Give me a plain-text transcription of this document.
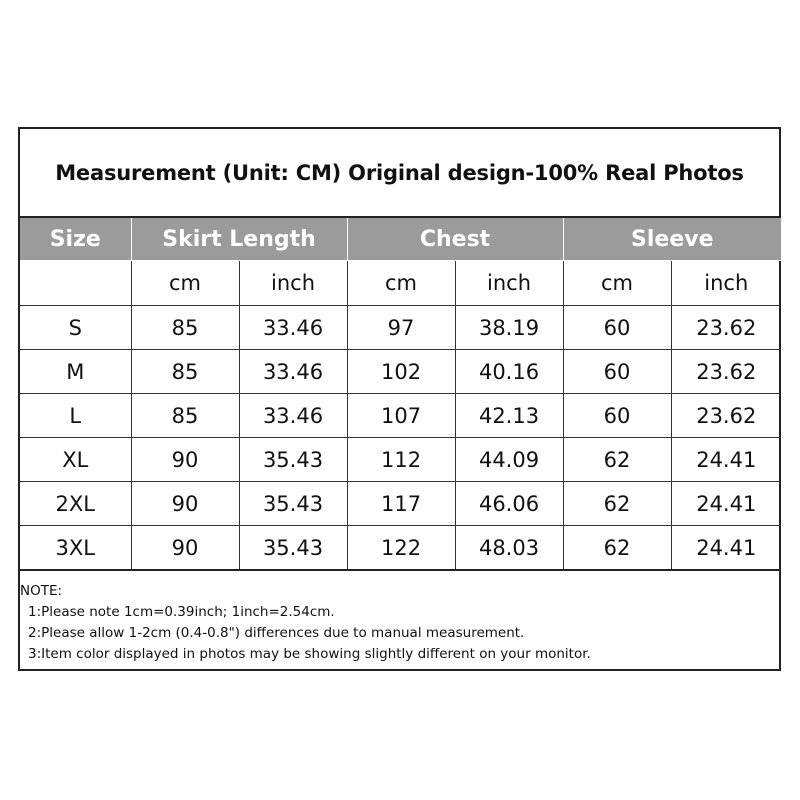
Measurement (Unit: CM) Original design-100% Real Photos
Size	Skirt Length		Chest		Sleeve	
	cm	inch	cm	inch	cm	inch
S	85	33.46	97	38.19	60	23.62
M	85	33.46	102	40.16	60	23.62
L	85	33.46	107	42.13	60	23.62
XL	90	35.43	112	44.09	62	24.41
2XL	90	35.43	117	46.06	62	24.41
3XL	90	35.43	122	48.03	62	24.41
NOTE:
1:Please note 1cm=0.39inch; 1inch=2.54cm.
2:Please allow 1-2cm (0.4-0.8") differences due to manual measurement.
3:Item color displayed in photos may be showing slightly different on your monitor.
